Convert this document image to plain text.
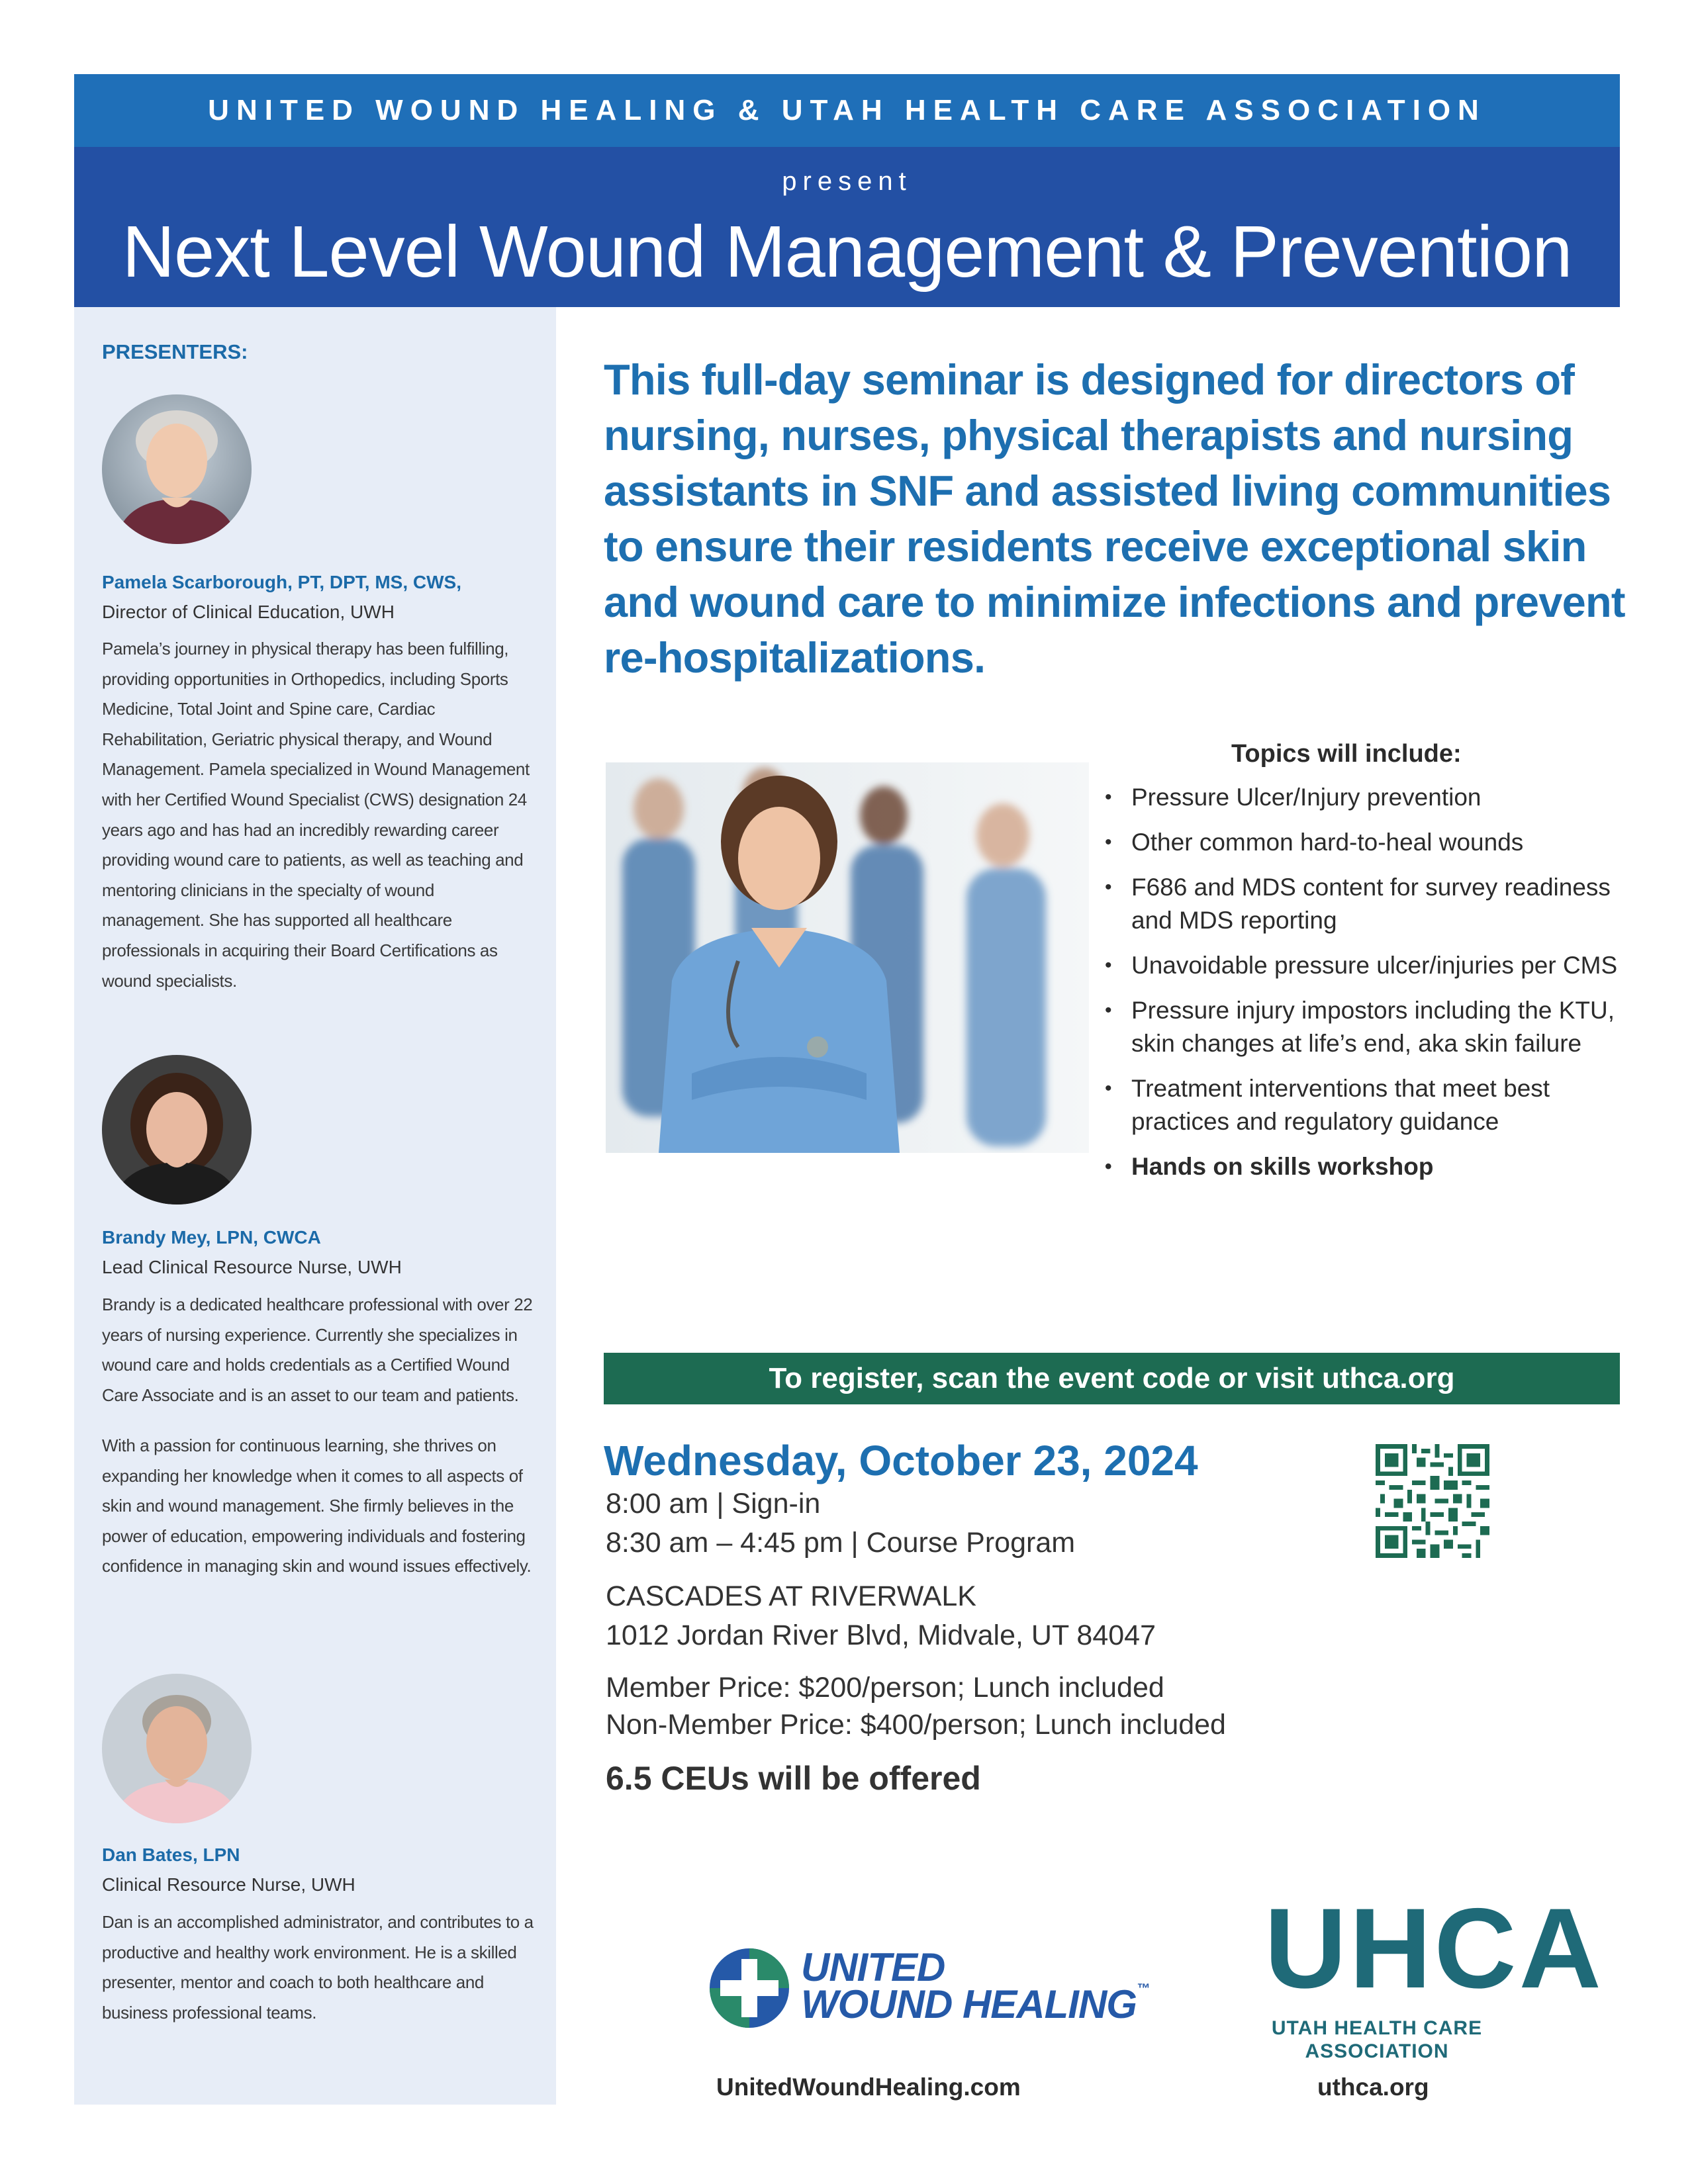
UNITED WOUND HEALING & UTAH HEALTH CARE ASSOCIATION
present
Next Level Wound Management & Prevention
PRESENTERS:
Pamela Scarborough, PT, DPT, MS, CWS,
Director of Clinical Education, UWH
Pamela’s journey in physical therapy has been fulfilling, providing opportunities in Orthopedics, including Sports Medicine, Total Joint and Spine care, Cardiac Rehabilitation, Geriatric physical therapy, and Wound Management. Pamela specialized in Wound Management with her Certified Wound Specialist (CWS) designation 24 years ago and has had an incredibly rewarding career providing wound care to patients, as well as teaching and mentoring clinicians in the specialty of wound management. She has supported all healthcare professionals in acquiring their Board Certifications as wound specialists.
Brandy Mey, LPN, CWCA
Lead Clinical Resource Nurse, UWH
Brandy is a dedicated healthcare professional with over 22 years of nursing experience. Currently she specializes in wound care and holds credentials as a Certified Wound Care Associate and is an asset to our team and patients.
With a passion for continuous learning, she thrives on expanding her knowledge when it comes to all aspects of skin and wound management. She firmly believes in the power of education, empowering individuals and fostering confidence in managing skin and wound issues effectively.
Dan Bates, LPN
Clinical Resource Nurse, UWH
Dan is an accomplished administrator, and contributes to a productive and healthy work environment. He is a skilled presenter, mentor and coach to both healthcare and business professional teams.
This full-day seminar is designed for directors of nursing, nurses, physical therapists and nursing assistants in SNF and assisted living communities to ensure their residents receive exceptional skin and wound care to minimize infections and prevent re-hospitalizations.
Topics will include:
• Pressure Ulcer/Injury prevention
• Other common hard-to-heal wounds
• F686 and MDS content for survey readiness and MDS reporting
• Unavoidable pressure ulcer/injuries per CMS
• Pressure injury impostors including the KTU, skin changes at life’s end, aka skin failure
• Treatment interventions that meet best practices and regulatory guidance
• Hands on skills workshop
To register, scan the event code or visit uthca.org
Wednesday, October 23, 2024
8:00 am | Sign-in
8:30 am – 4:45 pm | Course Program
CASCADES AT RIVERWALK
1012 Jordan River Blvd, Midvale, UT 84047
Member Price: $200/person; Lunch included
Non-Member Price: $400/person; Lunch included
6.5 CEUs will be offered
UNITED
WOUND HEALING™
UnitedWoundHealing.com
UHCA
UTAH HEALTH CARE
ASSOCIATION
uthca.org
